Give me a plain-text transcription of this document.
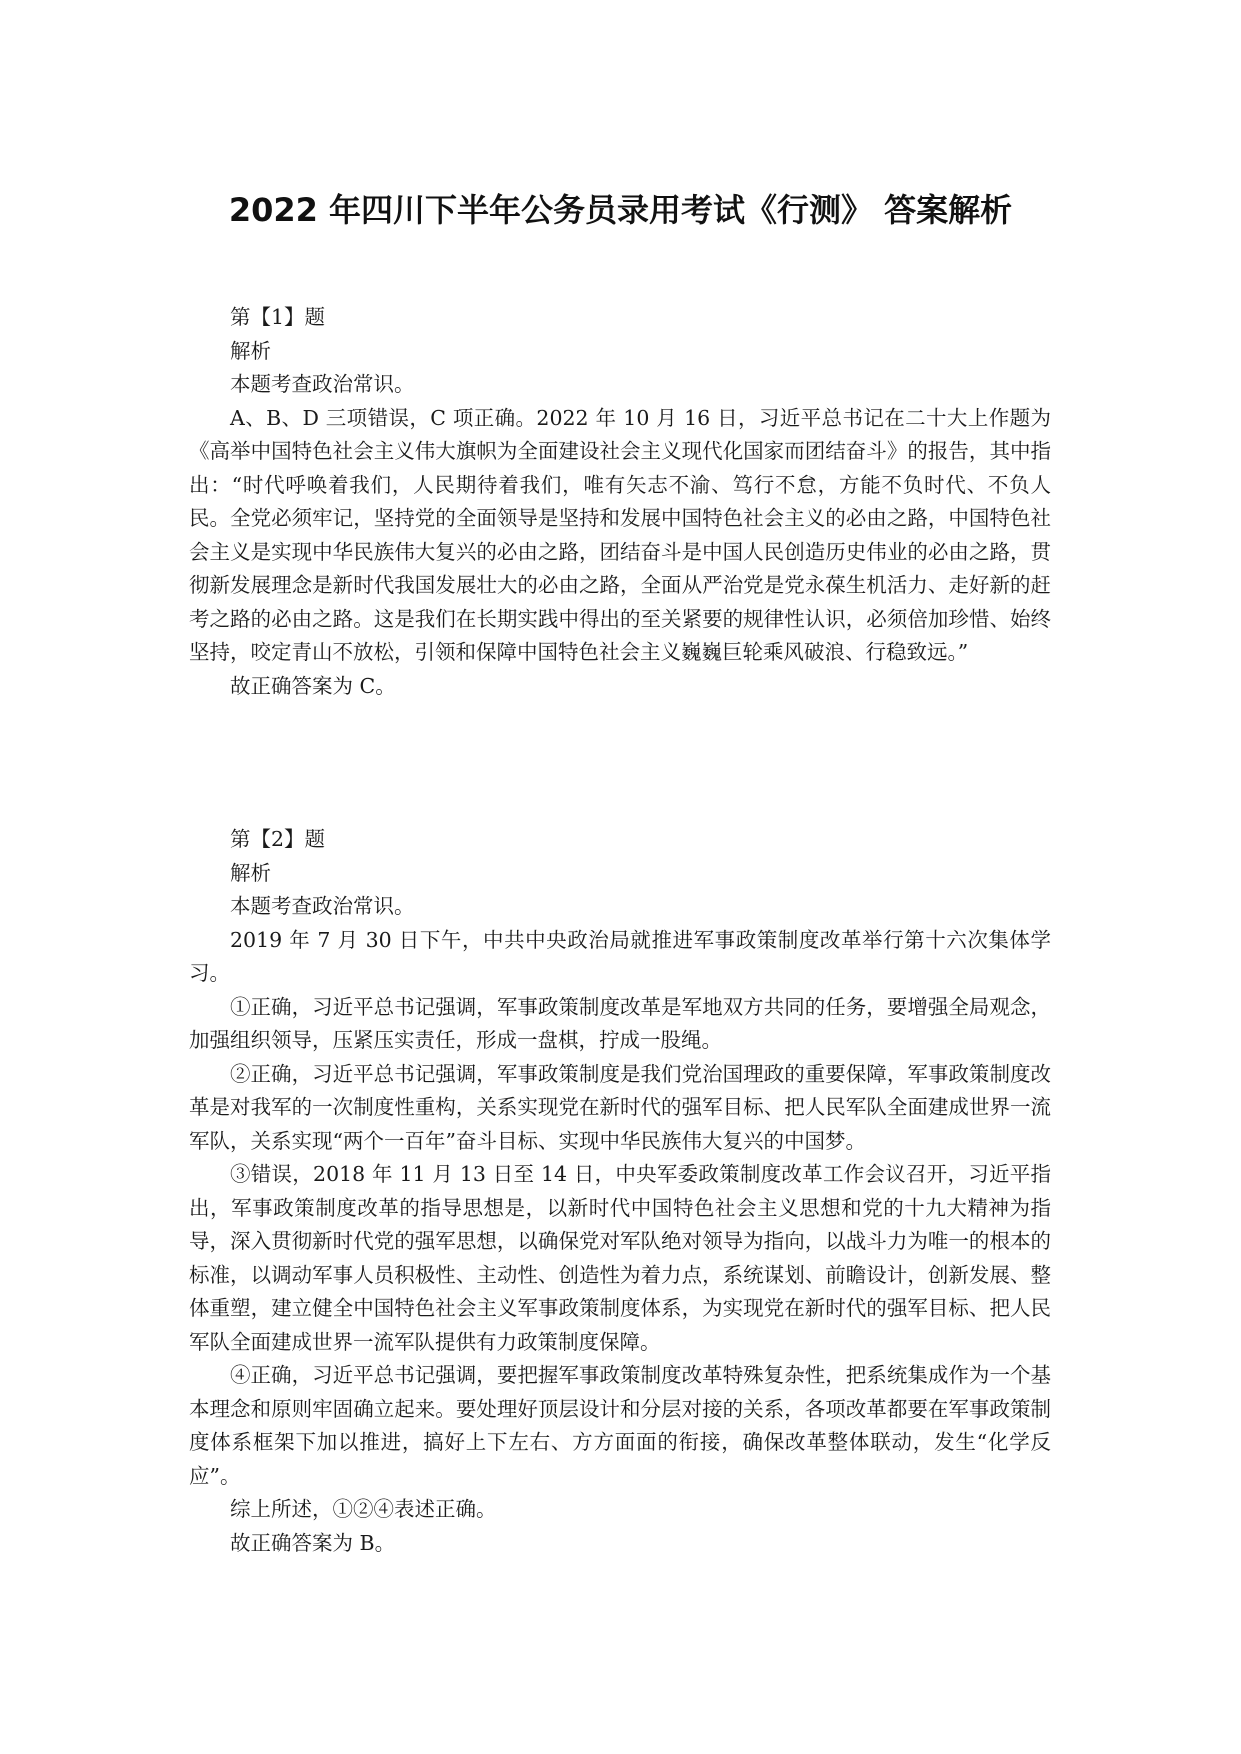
2022 年四川下半年公务员录用考试《行测》 答案解析

第【1】题

解析

本题考查政治常识。

A、B、D 三项错误，C 项正确。2022 年 10 月 16 日，习近平总书记在二十大上作题为《高举中国特色社会主义伟大旗帜为全面建设社会主义现代化国家而团结奋斗》的报告，其中指出：“时代呼唤着我们，人民期待着我们，唯有矢志不渝、笃行不怠，方能不负时代、不负人民。全党必须牢记，坚持党的全面领导是坚持和发展中国特色社会主义的必由之路，中国特色社会主义是实现中华民族伟大复兴的必由之路，团结奋斗是中国人民创造历史伟业的必由之路，贯彻新发展理念是新时代我国发展壮大的必由之路，全面从严治党是党永葆生机活力、走好新的赶考之路的必由之路。这是我们在长期实践中得出的至关紧要的规律性认识，必须倍加珍惜、始终坚持，咬定青山不放松，引领和保障中国特色社会主义巍巍巨轮乘风破浪、行稳致远。”

故正确答案为 C。

第【2】题

解析

本题考查政治常识。

2019 年 7 月 30 日下午，中共中央政治局就推进军事政策制度改革举行第十六次集体学习。

①正确，习近平总书记强调，军事政策制度改革是军地双方共同的任务，要增强全局观念，加强组织领导，压紧压实责任，形成一盘棋，拧成一股绳。

②正确，习近平总书记强调，军事政策制度是我们党治国理政的重要保障，军事政策制度改革是对我军的一次制度性重构，关系实现党在新时代的强军目标、把人民军队全面建成世界一流军队，关系实现“两个一百年”奋斗目标、实现中华民族伟大复兴的中国梦。

③错误，2018 年 11 月 13 日至 14 日，中央军委政策制度改革工作会议召开，习近平指出，军事政策制度改革的指导思想是，以新时代中国特色社会主义思想和党的十九大精神为指导，深入贯彻新时代党的强军思想，以确保党对军队绝对领导为指向，以战斗力为唯一的根本的标准，以调动军事人员积极性、主动性、创造性为着力点，系统谋划、前瞻设计，创新发展、整体重塑，建立健全中国特色社会主义军事政策制度体系，为实现党在新时代的强军目标、把人民军队全面建成世界一流军队提供有力政策制度保障。

④正确，习近平总书记强调，要把握军事政策制度改革特殊复杂性，把系统集成作为一个基本理念和原则牢固确立起来。要处理好顶层设计和分层对接的关系，各项改革都要在军事政策制度体系框架下加以推进，搞好上下左右、方方面面的衔接，确保改革整体联动，发生“化学反应”。

综上所述，①②④表述正确。

故正确答案为 B。
